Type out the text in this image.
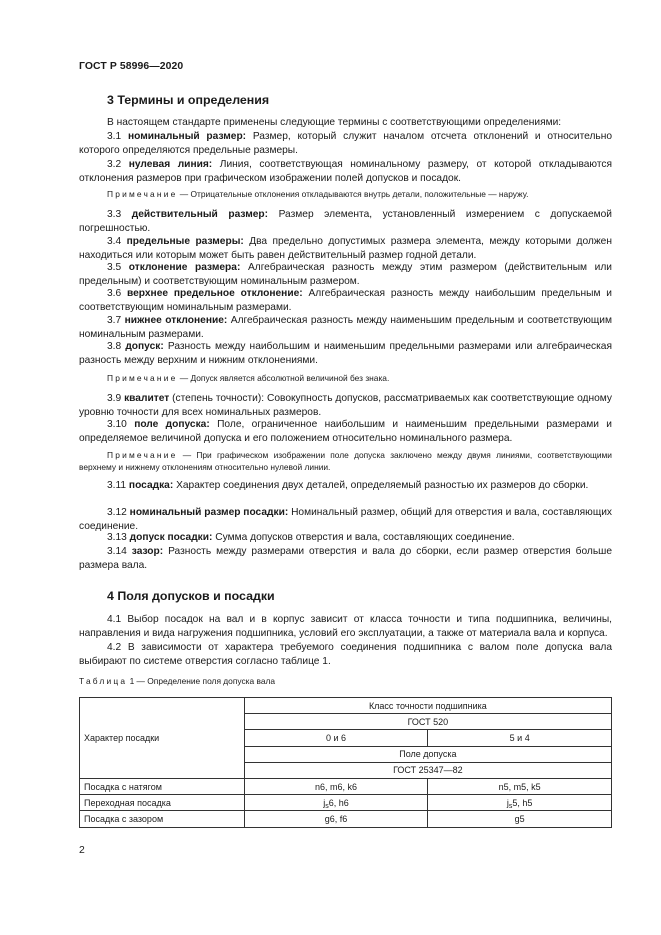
ГОСТ Р 58996—2020
3 Термины и определения
В настоящем стандарте применены следующие термины с соответствующими определениями:
3.1 номинальный размер: Размер, который служит началом отсчета отклонений и относительно которого определяются предельные размеры.
3.2 нулевая линия: Линия, соответствующая номинальному размеру, от которой откладываются отклонения размеров при графическом изображении полей допусков и посадок.
Примечание — Отрицательные отклонения откладываются внутрь детали, положительные — наружу.
3.3 действительный размер: Размер элемента, установленный измерением с допускаемой погрешностью.
3.4 предельные размеры: Два предельно допустимых размера элемента, между которыми должен находиться или которым может быть равен действительный размер годной детали.
3.5 отклонение размера: Алгебраическая разность между этим размером (действительным или предельным) и соответствующим номинальным размером.
3.6 верхнее предельное отклонение: Алгебраическая разность между наибольшим предельным и соответствующим номинальным размерами.
3.7 нижнее отклонение: Алгебраическая разность между наименьшим предельным и соответствующим номинальным размерами.
3.8 допуск: Разность между наибольшим и наименьшим предельными размерами или алгебраическая разность между верхним и нижним отклонениями.
Примечание — Допуск является абсолютной величиной без знака.
3.9 квалитет (степень точности): Совокупность допусков, рассматриваемых как соответствующие одному уровню точности для всех номинальных размеров.
3.10 поле допуска: Поле, ограниченное наибольшим и наименьшим предельными размерами и определяемое величиной допуска и его положением относительно номинального размера.
Примечание — При графическом изображении поле допуска заключено между двумя линиями, соответствующими верхнему и нижнему отклонениям относительно нулевой линии.
3.11 посадка: Характер соединения двух деталей, определяемый разностью их размеров до сборки.
3.12 номинальный размер посадки: Номинальный размер, общий для отверстия и вала, составляющих соединение.
3.13 допуск посадки: Сумма допусков отверстия и вала, составляющих соединение.
3.14 зазор: Разность между размерами отверстия и вала до сборки, если размер отверстия больше размера вала.
4 Поля допусков и посадки
4.1 Выбор посадок на вал и в корпус зависит от класса точности и типа подшипника, величины, направления и вида нагружения подшипника, условий его эксплуатации, а также от материала вала и корпуса.
4.2 В зависимости от характера требуемого соединения подшипника с валом поле допуска вала выбирают по системе отверстия согласно таблице 1.
Таблица 1 — Определение поля допуска вала
Характер посадки	Класс точности подшипника	
	ГОСТ 520	
	0 и 6	5 и 4
	Поле допуска	
	ГОСТ 25347—82	
Посадка с натягом	n6, m6, k6	n5, m5, k5
Переходная посадка	$j_s6$, h6	$j_s5$, h5
Посадка с зазором	g6, f6	g5
2
